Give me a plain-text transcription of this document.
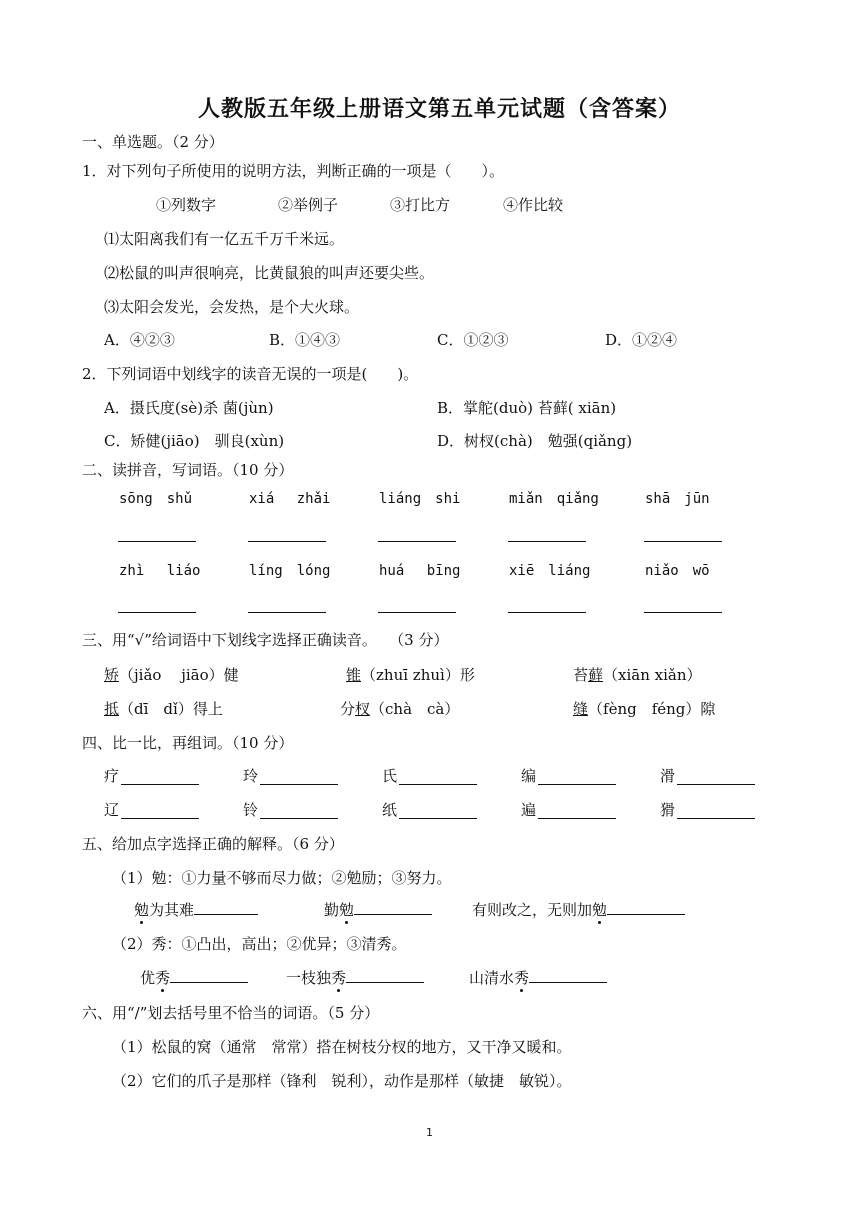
人教版五年级上册语文第五单元试题（含答案）
一、单选题。（2 分）
1．对下列句子所使用的说明方法，判断正确的一项是（　　）。
①列数字	②举例子	③打比方	④作比较
⑴太阳离我们有一亿五千万千米远。
⑵松鼠的叫声很响亮，比黄鼠狼的叫声还要尖些。
⑶太阳会发光，会发热，是个大火球。
A．④②③	B．①④③	C．①②③	D．①②④
2．下列词语中划线字的读音无误的一项是(　　)。
A．摄氏度(sè)杀 菌(jùn)	B．掌舵(duò) 苔藓( xiān)
C．矫健(jiāo)　驯良(xùn)	D．树杈(chà)　勉强(qiǎng)
二、读拼音，写词语。（10 分）
sōng　shǔ	xiá　 zhǎi	liáng　shi	miǎn　qiǎng	shā　jūn
zhì　 liáo	líng　lóng	huá　 bīng	xiē　liáng	niǎo　wō
三、用“√”给词语中下划线字选择正确读音。　 （3 分）
矫（jiǎo　 jiāo）健	锥（zhuī zhuì）形	苔藓（xiān xiǎn）
抵（dī　dǐ）得上	分杈（chà　cà）	缝（fèng　féng）隙
四、比一比，再组词。（10 分）
疗	玲	氏	编	滑
辽	铃	纸	遍	猾
五、给加点字选择正确的解释。（6 分）
（1）勉：①力量不够而尽力做；②勉励；③努力。
勉为其难	勤勉	有则改之，无则加勉
（2）秀：①凸出，高出；②优异；③清秀。
优秀	一枝独秀	山清水秀
六、用“/”划去括号里不恰当的词语。（5 分）
（1）松鼠的窝（通常　常常）搭在树枝分杈的地方，又干净又暖和。
（2）它们的爪子是那样（锋利　锐利），动作是那样（敏捷　敏锐）。
1
